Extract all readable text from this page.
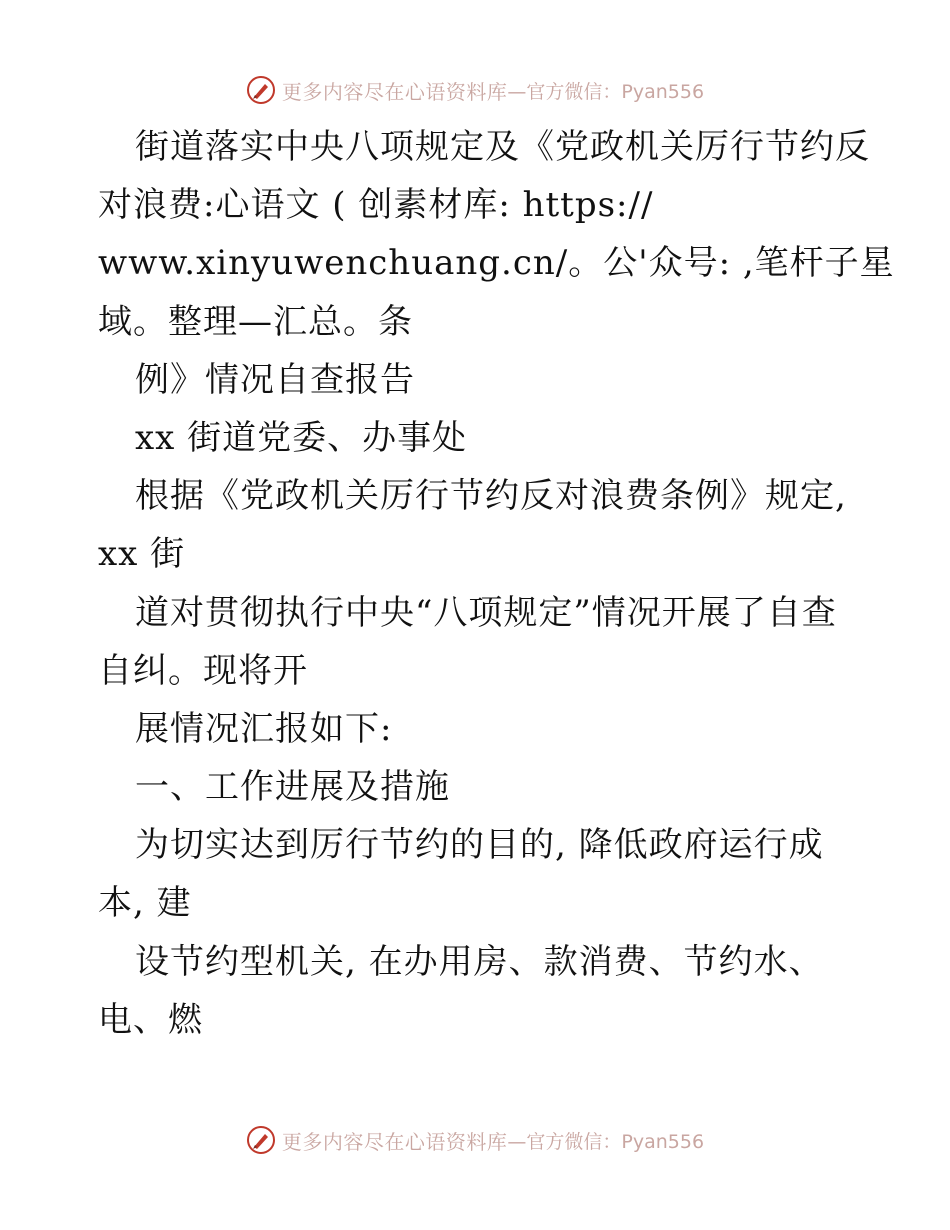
更多内容尽在心语资料库 —官方微信：Pyan556
街道落实中央八项规定及《党政机关厉行节约反
对浪费:心语文 ( 创素材库: https://
www.xinyuwenchuang.cn/。公'众号: ,笔杆子星
域。整理—汇总。条
例》情况自查报告
xx 街道党委、办事处
根据《党政机关厉行节约反对浪费条例》规定,
xx 街
道对贯彻执行中央“八项规定”情况开展了自查
自纠。现将开
展情况汇报如下:
一、工作进展及措施
为切实达到厉行节约的目的, 降低政府运行成
本, 建
设节约型机关, 在办用房、款消费、节约水、
电、燃
更多内容尽在心语资料库 —官方微信：Pyan556
